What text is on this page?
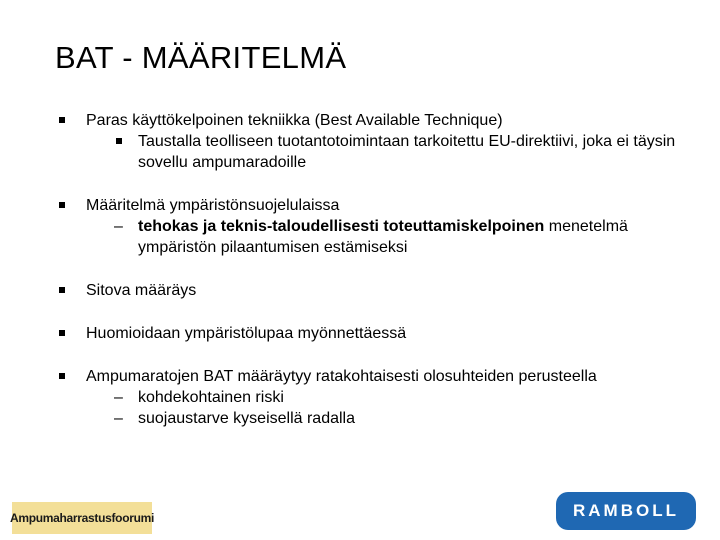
BAT - MÄÄRITELMÄ
Paras käyttökelpoinen tekniikka (Best Available Technique)
Taustalla teolliseen tuotantotoimintaan tarkoitettu EU-direktiivi, joka ei täysin sovellu ampumaradoille
Määritelmä ympäristönsuojelulaissa
– tehokas ja teknis-taloudellisesti toteuttamiskelpoinen menetelmä ympäristön pilaantumisen estämiseksi
Sitova määräys
Huomioidaan ympäristölupaa myönnettäessä
Ampumaratojen BAT määräytyy ratakohtaisesti olosuhteiden perusteella
– kohdekohtainen riski
– suojaustarve kyseisellä radalla
Ampumaharrastusfoorumi	RAMBOLL
